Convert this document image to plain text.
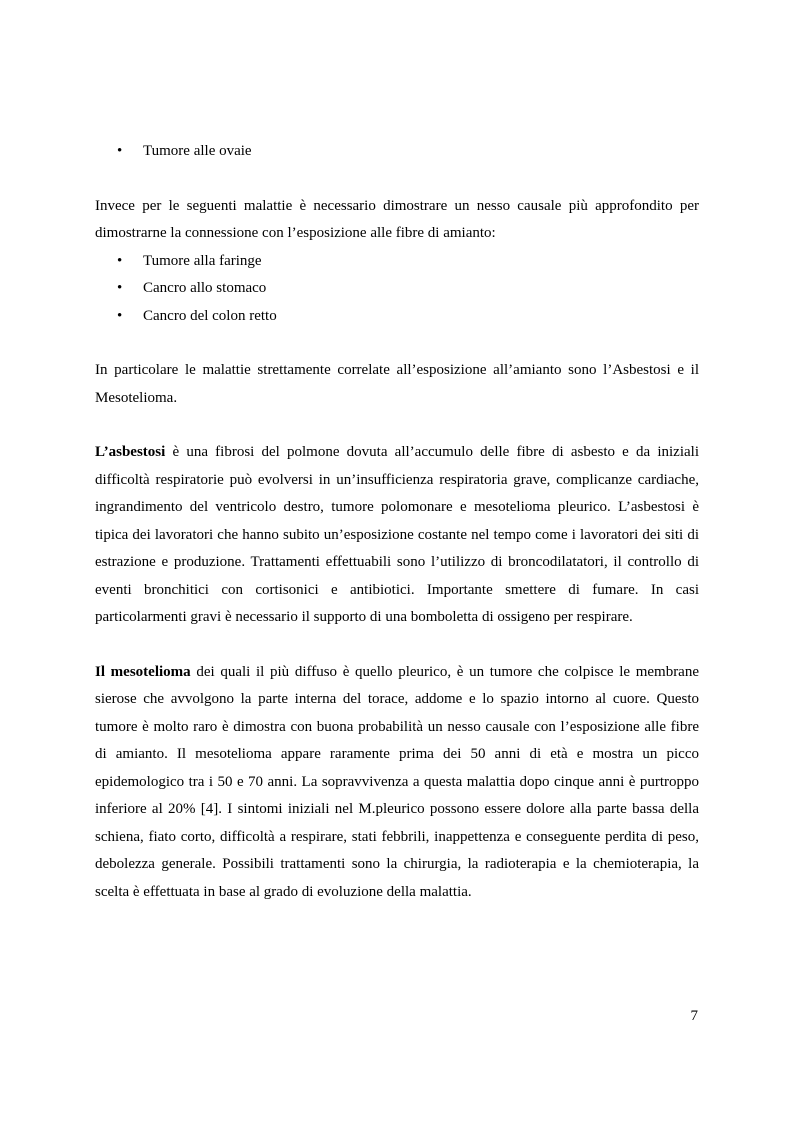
• Tumore alle ovaie

Invece per le seguenti malattie è necessario dimostrare un nesso causale più approfondito per dimostrarne la connessione con l’esposizione alle fibre di amianto:

• Tumore alla faringe
• Cancro allo stomaco
• Cancro del colon retto

In particolare le malattie strettamente correlate all’esposizione all’amianto sono l’Asbestosi e il Mesotelioma.

L’asbestosi è una fibrosi del polmone dovuta all’accumulo delle fibre di asbesto e da iniziali difficoltà respiratorie può evolversi in un’insufficienza respiratoria grave, complicanze cardiache, ingrandimento del ventricolo destro, tumore polomonare e mesotelioma pleurico. L’asbestosi è tipica dei lavoratori che hanno subito un’esposizione costante nel tempo come i lavoratori dei siti di estrazione e produzione. Trattamenti effettuabili sono l’utilizzo di broncodilatatori, il controllo di eventi bronchitici con cortisonici e antibiotici. Importante smettere di fumare. In casi particolarmenti gravi è necessario il supporto di una bomboletta di ossigeno per respirare.

Il mesotelioma dei quali il più diffuso è quello pleurico, è un tumore che colpisce le membrane sierose che avvolgono la parte interna del torace, addome e lo spazio intorno al cuore. Questo tumore è molto raro è dimostra con buona probabilità un nesso causale con l’esposizione alle fibre di amianto. Il mesotelioma appare raramente prima dei 50 anni di età e mostra un picco epidemologico tra i 50 e 70 anni. La sopravvivenza a questa malattia dopo cinque anni è purtroppo inferiore al 20% [4]. I sintomi iniziali nel M.pleurico possono essere dolore alla parte bassa della schiena, fiato corto, difficoltà a respirare, stati febbrili, inappettenza e conseguente perdita di peso, debolezza generale. Possibili trattamenti sono la chirurgia, la radioterapia e la chemioterapia, la scelta è effettuata in base al grado di evoluzione della malattia.

7
